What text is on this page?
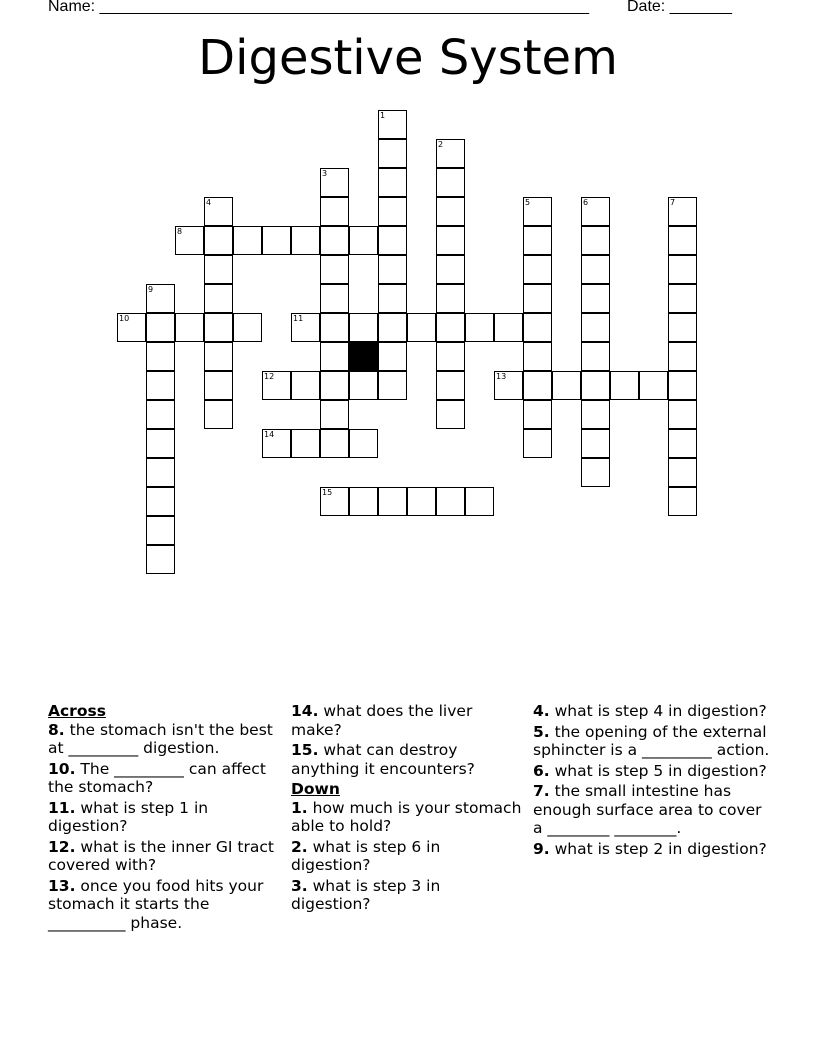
Name: _______________________________________________________ Date: _______
Digestive System
1
2
3
4	5	6	7
8
9
10	11
12	13
14
15

Across

8. the stomach isn't the best at _________ digestion.

10. The _________ can affect the stomach?

11. what is step 1 in digestion?

12. what is the inner GI tract covered with?

13. once you food hits your stomach it starts the __________ phase.

14. what does the liver make?

15. what can destroy anything it encounters?

Down

1. how much is your stomach able to hold?

2. what is step 6 in digestion?

3. what is step 3 in digestion?

4. what is step 4 in digestion?

5. the opening of the external sphincter is a _________ action.

6. what is step 5 in digestion?

7. the small intestine has enough surface area to cover a ________ ________.

9. what is step 2 in digestion?
